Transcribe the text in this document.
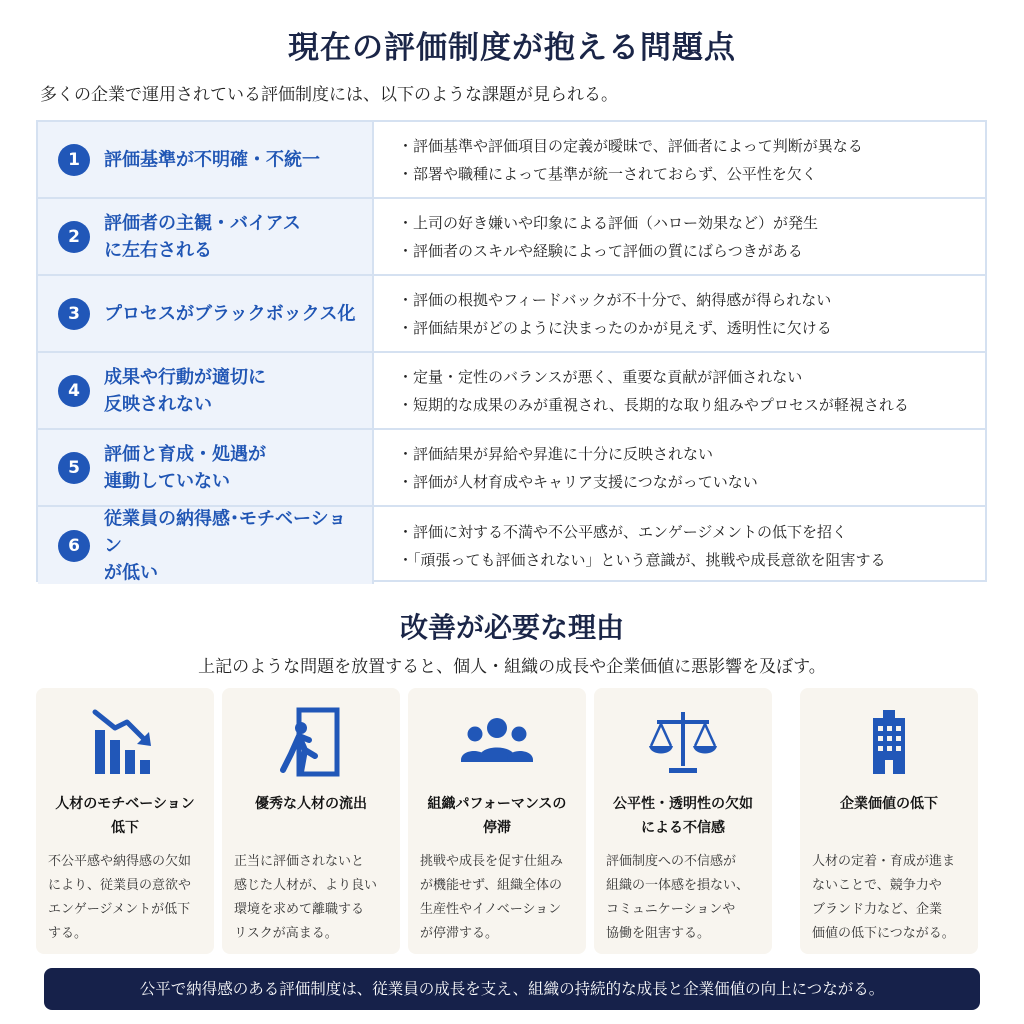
現在の評価制度が抱える問題点
多くの企業で運用されている評価制度には、以下のような課題が見られる。
1	評価基準が不明確・不統一
・評価基準や評価項目の定義が曖昧で、評価者によって判断が異なる
・部署や職種によって基準が統一されておらず、公平性を欠く
2
評価者の主観・バイアス
に左右される
・上司の好き嫌いや印象による評価（ハロー効果など）が発生
・評価者のスキルや経験によって評価の質にばらつきがある
3	プロセスがブラックボックス化
・評価の根拠やフィードバックが不十分で、納得感が得られない
・評価結果がどのように決まったのかが見えず、透明性に欠ける
4
成果や行動が適切に
反映されない
・定量・定性のバランスが悪く、重要な貢献が評価されない
・短期的な成果のみが重視され、長期的な取り組みやプロセスが軽視される
5
評価と育成・処遇が
連動していない
・評価結果が昇給や昇進に十分に反映されない
・評価が人材育成やキャリア支援につながっていない
6
従業員の納得感･モチベーション
が低い
・評価に対する不満や不公平感が、エンゲージメントの低下を招く
・「頑張っても評価されない」という意識が、挑戦や成長意欲を阻害する
改善が必要な理由
上記のような問題を放置すると、個人・組織の成長や企業価値に悪影響を及ぼす。
人材のモチベーション
低下
不公平感や納得感の欠如
により、従業員の意欲や
エンゲージメントが低下
する。
優秀な人材の流出
正当に評価されないと
感じた人材が、より良い
環境を求めて離職する
リスクが高まる。
組織パフォーマンスの
停滞
挑戦や成長を促す仕組み
が機能せず、組織全体の
生産性やイノベーション
が停滞する。
公平性・透明性の欠如
による不信感
評価制度への不信感が
組織の一体感を損ない、
コミュニケーションや
協働を阻害する。
企業価値の低下
人材の定着・育成が進ま
ないことで、競争力や
ブランド力など、企業
価値の低下につながる。
公平で納得感のある評価制度は、従業員の成長を支え、組織の持続的な成長と企業価値の向上につながる。
